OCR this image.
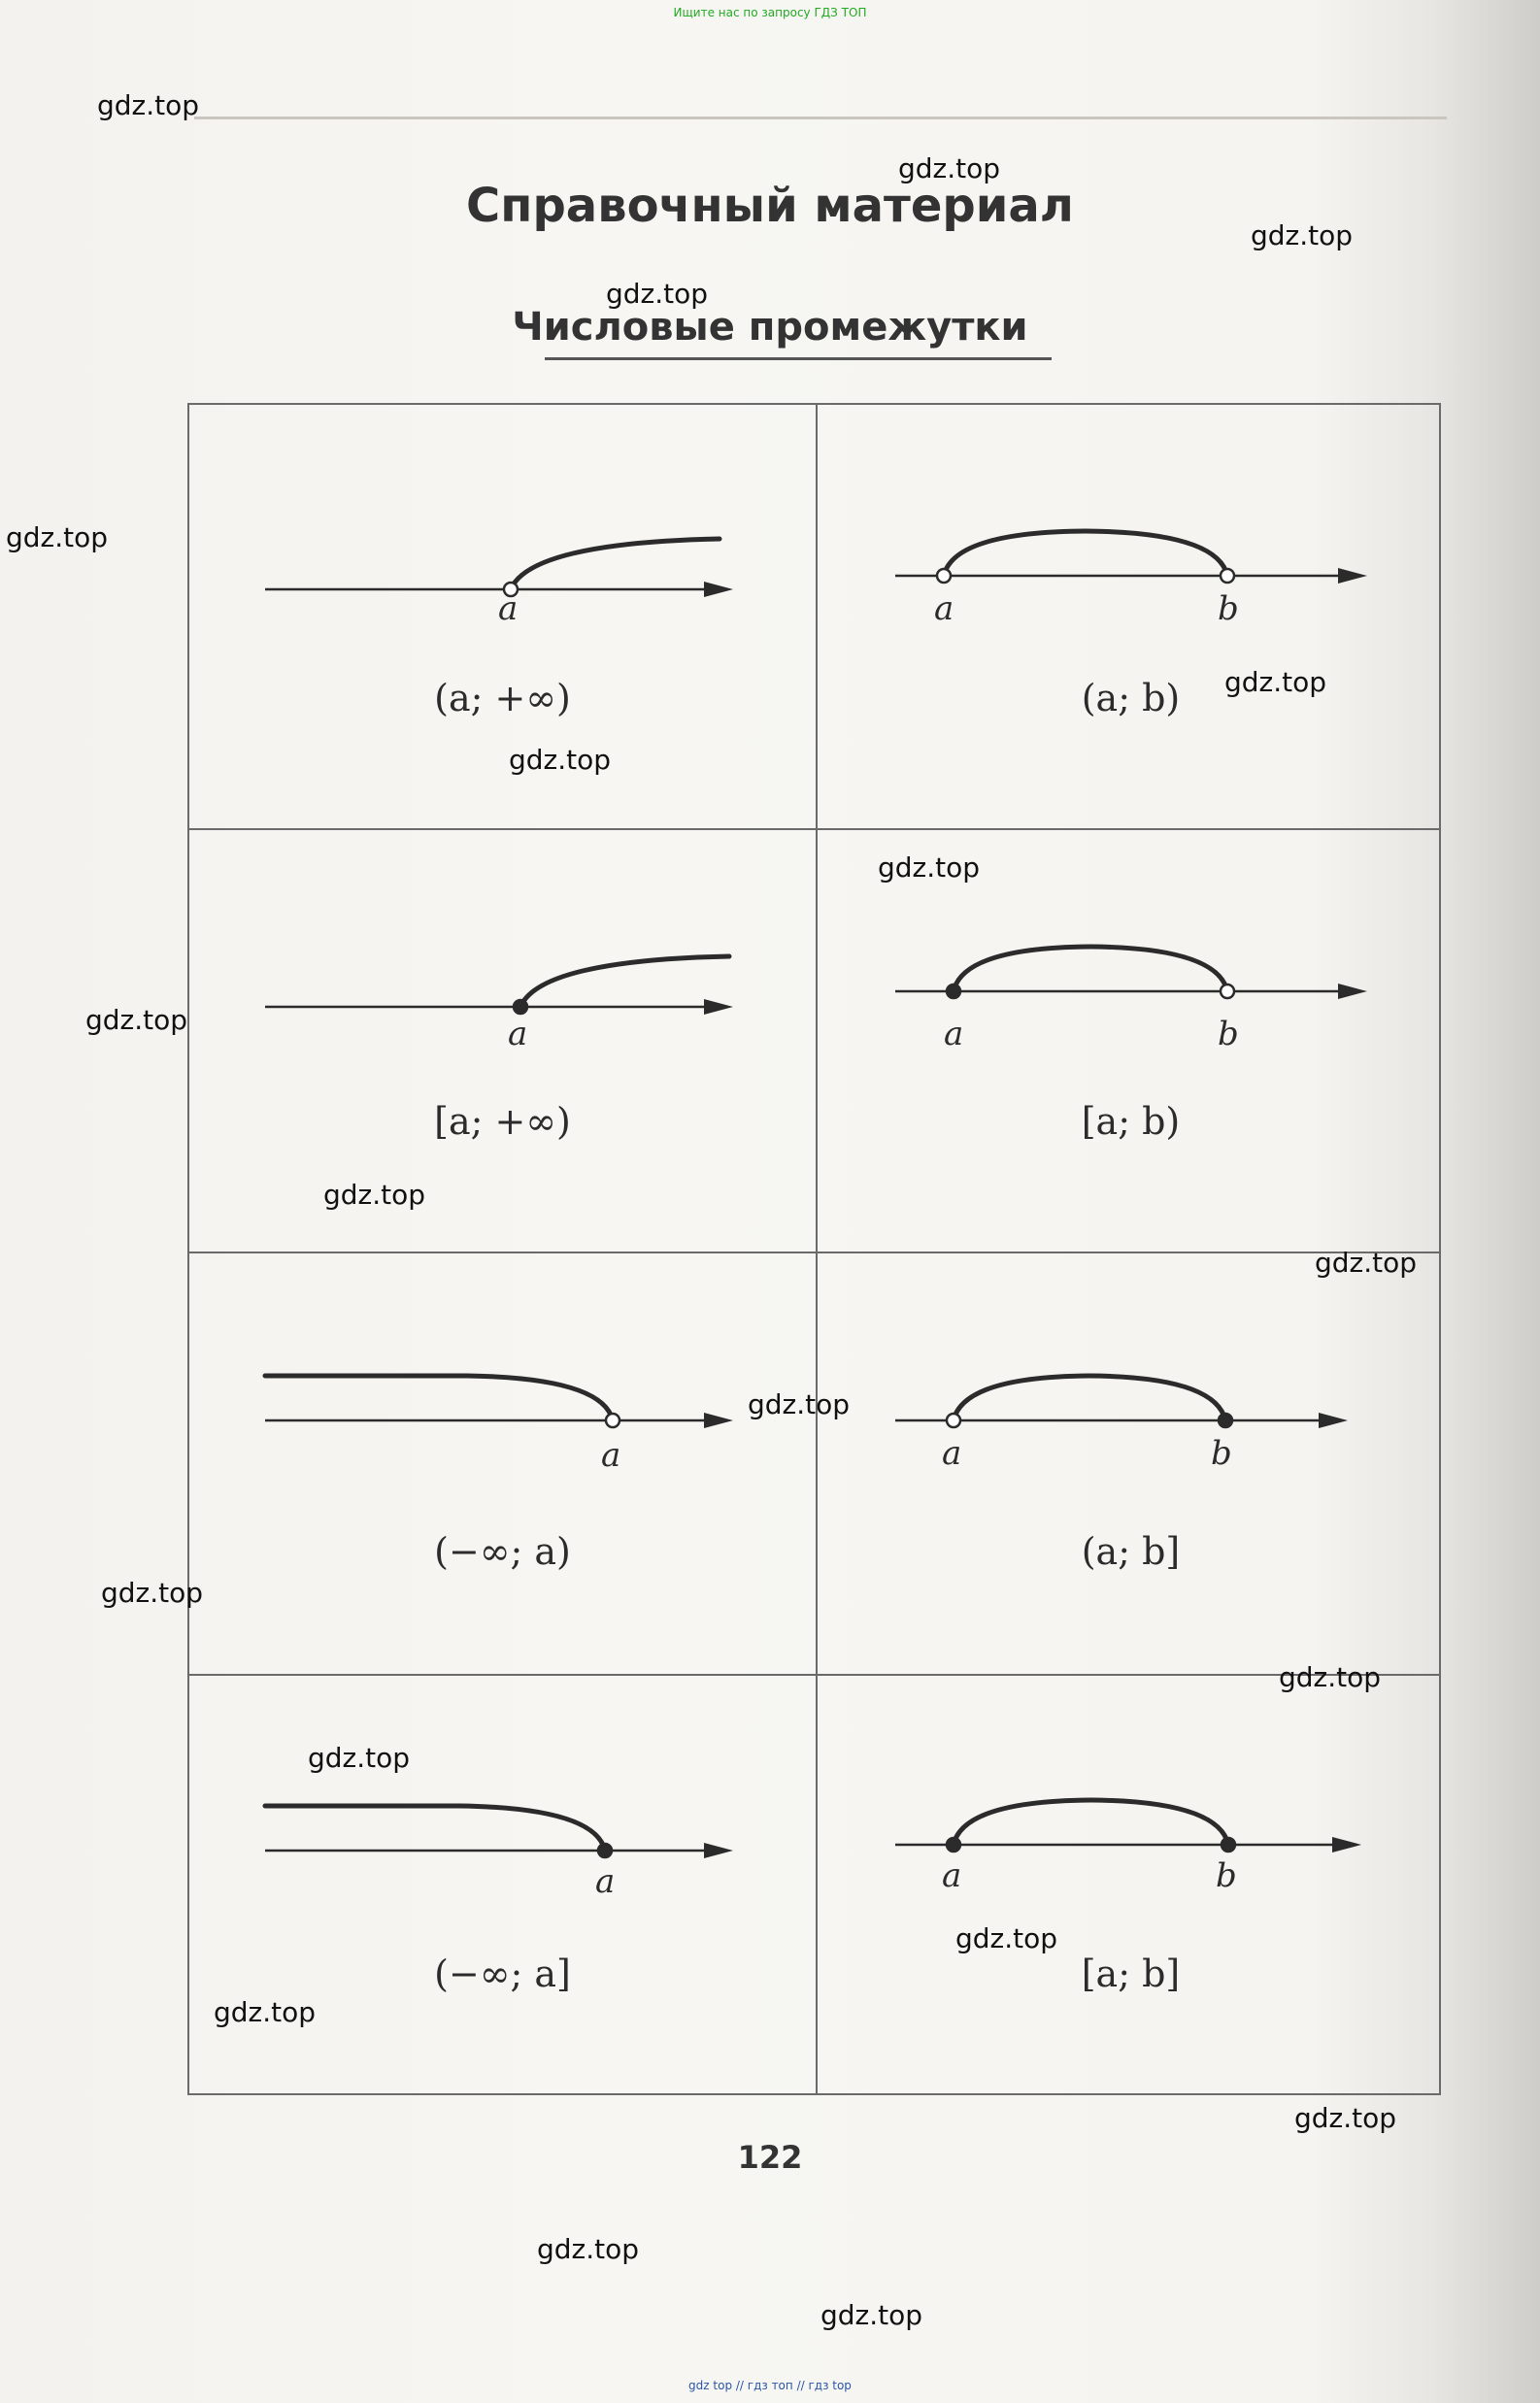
Ищите нас по запросу ГДЗ ТОП
Справочный материал
Числовые промежутки
a
(a; +∞)
a	b
(a; b)
a
[a; +∞)
a	b
[a; b)
a
(−∞; a)
a	b
(a; b]
a
(−∞; a]
a	b
[a; b]
122
gdz.top
gdz.top
gdz.top
gdz.top
gdz.top
gdz.top
gdz.top
gdz.top
gdz.top
gdz.top
gdz.top
gdz.top
gdz.top
gdz.top
gdz.top
gdz.top
gdz.top
gdz.top
gdz.top
gdz.top
gdz top // гдз топ // гдз top
